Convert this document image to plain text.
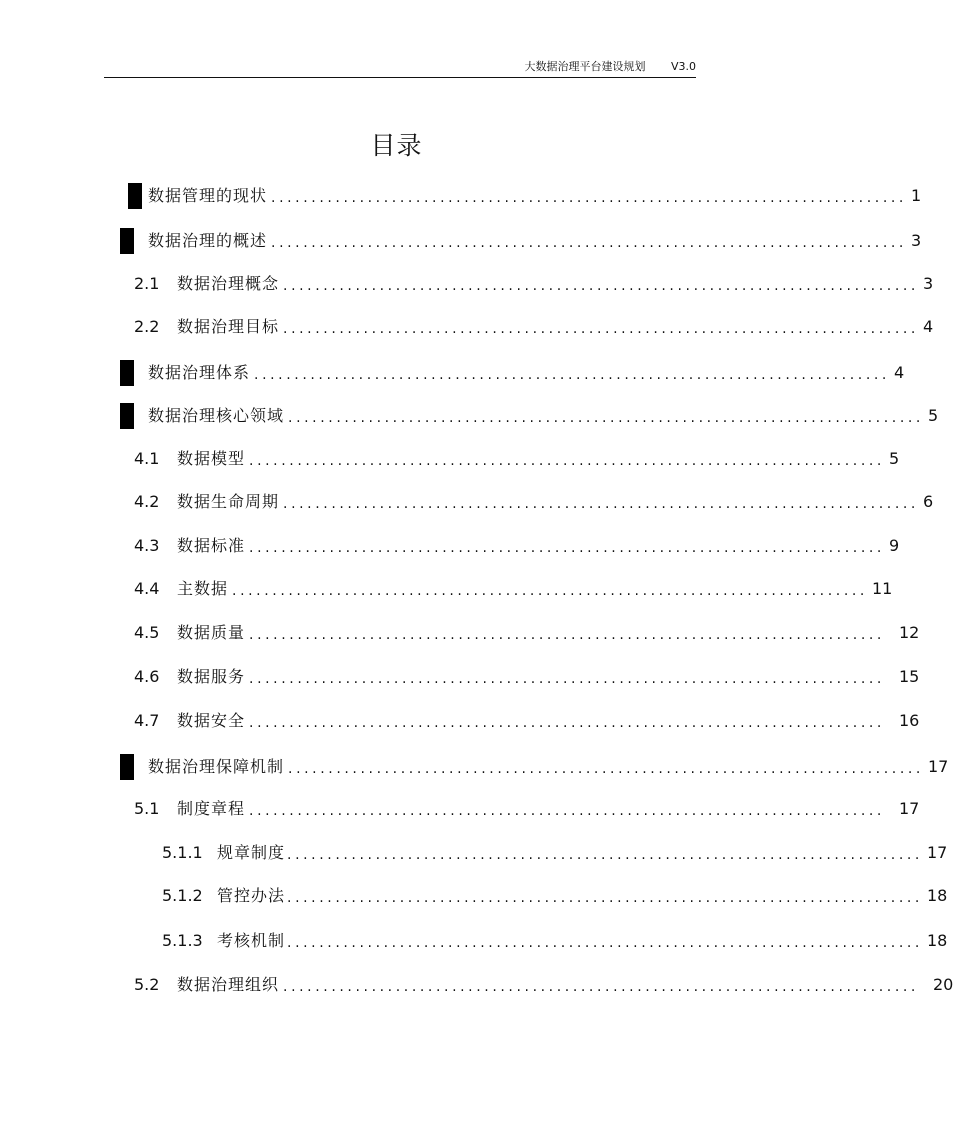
大数据治理平台建设规划 V3.0
目录
数据管理的现状 ............................................................................... 1
数据治理的概述 ............................................................................... 3
2.1	数据治理概念 ............................................................................... 3
2.2	数据治理目标 ............................................................................... 4
数据治理体系 ............................................................................... 4
数据治理核心领域 ............................................................................... 5
4.1	数据模型 ............................................................................... 5
4.2	数据生命周期 ............................................................................... 6
4.3	数据标准 ............................................................................... 9
4.4	主数据 ............................................................................... 11
4.5	数据质量 ............................................................................... 12
4.6	数据服务 ............................................................................... 15
4.7	数据安全 ............................................................................... 16
数据治理保障机制 ............................................................................... 17
5.1	制度章程 ............................................................................... 17
5.1.1 规章制度 ............................................................................... 17
5.1.2 管控办法 ............................................................................... 18
5.1.3 考核机制 ............................................................................... 18
5.2	数据治理组织 ............................................................................... 20
